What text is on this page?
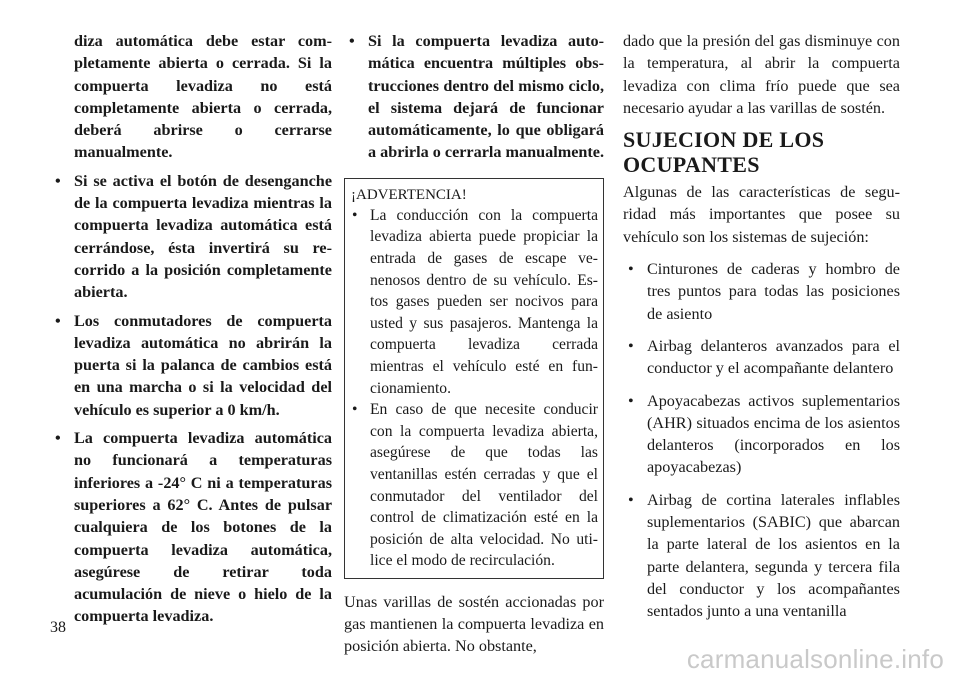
diza automática debe estar completamente abierta o cerrada. Si la compuerta levadiza no está completamente abierta o cerrada, deberá abrirse o cerrarse manualmente.

• Si se activa el botón de desenganche de la compuerta levadiza mientras la compuerta levadiza automática está cerrándose, ésta invertirá su recorrido a la posición completamente abierta.
• Los conmutadores de compuerta levadiza automática no abrirán la puerta si la palanca de cambios está en una marcha o si la velocidad del vehículo es superior a 0 km/h.
• La compuerta levadiza automática no funcionará a temperaturas inferiores a -24° C ni a temperaturas superiores a 62° C. Antes de pulsar cualquiera de los botones de la compuerta levadiza automática, asegúrese de retirar toda acumulación de nieve o hielo de la compuerta levadiza.
• Si la compuerta levadiza automática encuentra múltiples obstrucciones dentro del mismo ciclo, el sistema dejará de funcionar automáticamente, lo que obligará a abrirla o cerrarla manualmente.
¡ADVERTENCIA!
• La conducción con la compuerta levadiza abierta puede propiciar la entrada de gases de escape venenosos dentro de su vehículo. Estos gases pueden ser nocivos para usted y sus pasajeros. Mantenga la compuerta levadiza cerrada mientras el vehículo esté en funcionamiento.
• En caso de que necesite conducir con la compuerta levadiza abierta, asegúrese de que todas las ventanillas estén cerradas y que el conmutador del ventilador del control de climatización esté en la posición de alta velocidad. No utilice el modo de recirculación.

Unas varillas de sostén accionadas por gas mantienen la compuerta levadiza en posición abierta. No obstante,

dado que la presión del gas disminuye con la temperatura, al abrir la compuerta levadiza con clima frío puede que sea necesario ayudar a las varillas de sostén.

SUJECION DE LOS
OCUPANTES

Algunas de las características de seguridad más importantes que posee su vehículo son los sistemas de sujeción:

• Cinturones de caderas y hombro de tres puntos para todas las posiciones de asiento
• Airbag delanteros avanzados para el conductor y el acompañante delantero
• Apoyacabezas activos suplementarios (AHR) situados encima de los asientos delanteros (incorporados en los apoyacabezas)
• Airbag de cortina laterales inflables suplementarios (SABIC) que abarcan la parte lateral de los asientos en la parte delantera, segunda y tercera fila del conductor y los acompañantes sentados junto a una ventanilla
38
carmanualsonline.info
